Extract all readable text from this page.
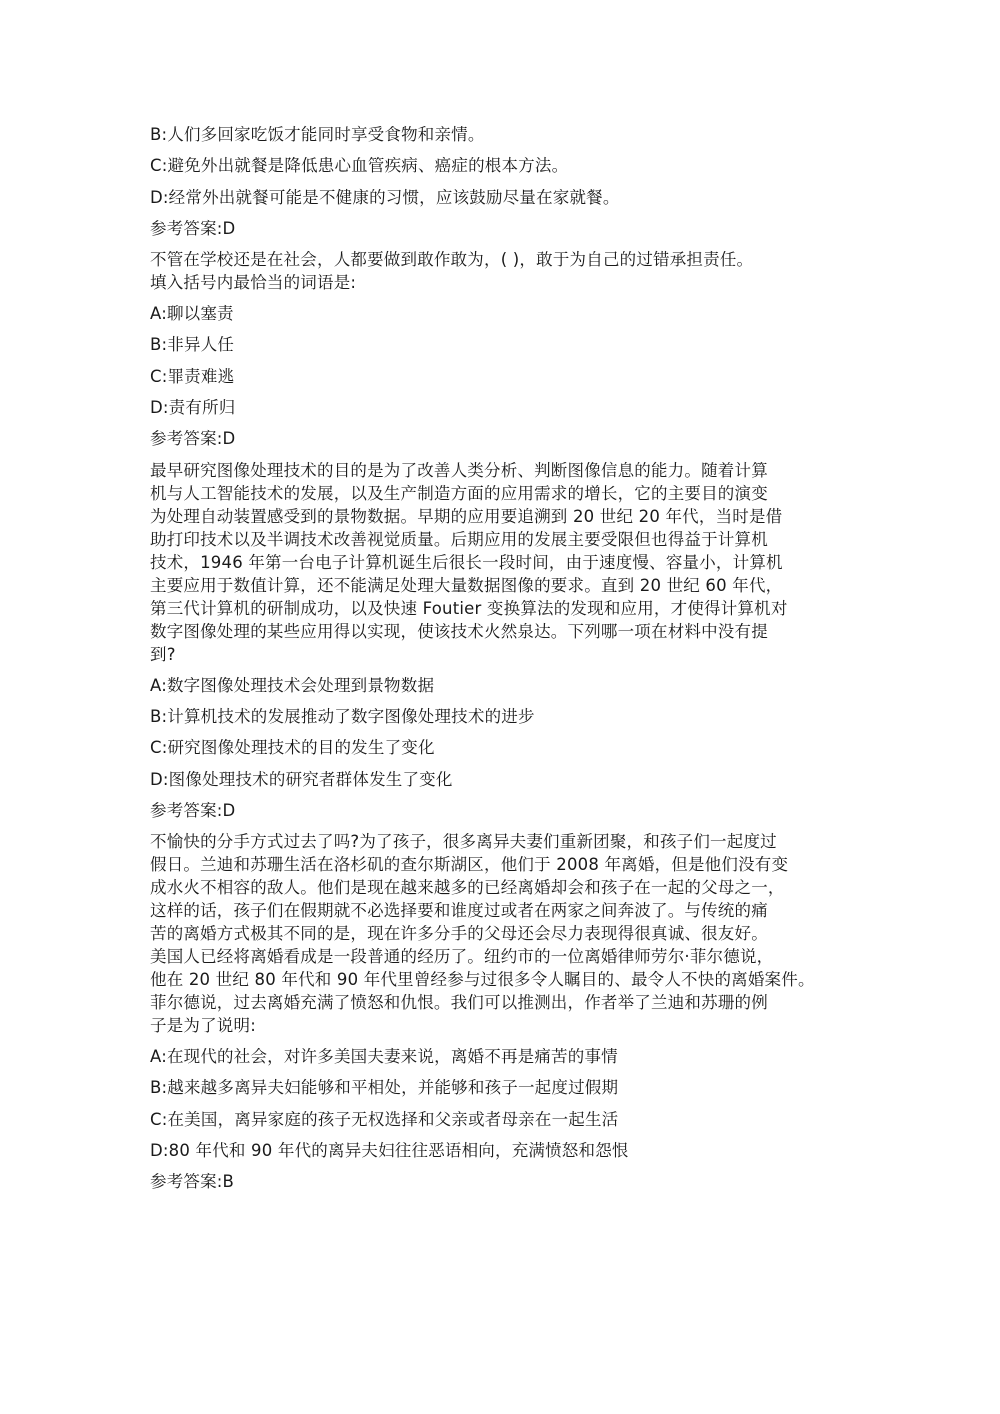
B:人们多回家吃饭才能同时享受食物和亲情。
C:避免外出就餐是降低患心血管疾病、癌症的根本方法。
D:经常外出就餐可能是不健康的习惯，应该鼓励尽量在家就餐。
参考答案:D
不管在学校还是在社会，人都要做到敢作敢为，( )，敢于为自己的过错承担责任。
填入括号内最恰当的词语是:
A:聊以塞责
B:非异人任
C:罪责难逃
D:责有所归
参考答案:D
最早研究图像处理技术的目的是为了改善人类分析、判断图像信息的能力。随着计算
机与人工智能技术的发展，以及生产制造方面的应用需求的增长，它的主要目的演变
为处理自动装置感受到的景物数据。早期的应用要追溯到 20 世纪 20 年代，当时是借
助打印技术以及半调技术改善视觉质量。后期应用的发展主要受限但也得益于计算机
技术，1946 年第一台电子计算机诞生后很长一段时间，由于速度慢、容量小，计算机
主要应用于数值计算，还不能满足处理大量数据图像的要求。直到 20 世纪 60 年代，
第三代计算机的研制成功，以及快速 Foutier 变换算法的发现和应用，才使得计算机对
数字图像处理的某些应用得以实现，使该技术火然泉达。下列哪一项在材料中没有提
到?
A:数字图像处理技术会处理到景物数据
B:计算机技术的发展推动了数字图像处理技术的进步
C:研究图像处理技术的目的发生了变化
D:图像处理技术的研究者群体发生了变化
参考答案:D
不愉快的分手方式过去了吗?为了孩子，很多离异夫妻们重新团聚，和孩子们一起度过
假日。兰迪和苏珊生活在洛杉矶的查尔斯湖区，他们于 2008 年离婚，但是他们没有变
成水火不相容的敌人。他们是现在越来越多的已经离婚却会和孩子在一起的父母之一，
这样的话，孩子们在假期就不必选择要和谁度过或者在两家之间奔波了。与传统的痛
苦的离婚方式极其不同的是，现在许多分手的父母还会尽力表现得很真诚、很友好。
美国人已经将离婚看成是一段普通的经历了。纽约市的一位离婚律师劳尔·菲尔德说，
他在 20 世纪 80 年代和 90 年代里曾经参与过很多令人瞩目的、最令人不快的离婚案件。
菲尔德说，过去离婚充满了愤怒和仇恨。我们可以推测出，作者举了兰迪和苏珊的例
子是为了说明:
A:在现代的社会，对许多美国夫妻来说，离婚不再是痛苦的事情
B:越来越多离异夫妇能够和平相处，并能够和孩子一起度过假期
C:在美国，离异家庭的孩子无权选择和父亲或者母亲在一起生活
D:80 年代和 90 年代的离异夫妇往往恶语相向，充满愤怒和怨恨
参考答案:B
